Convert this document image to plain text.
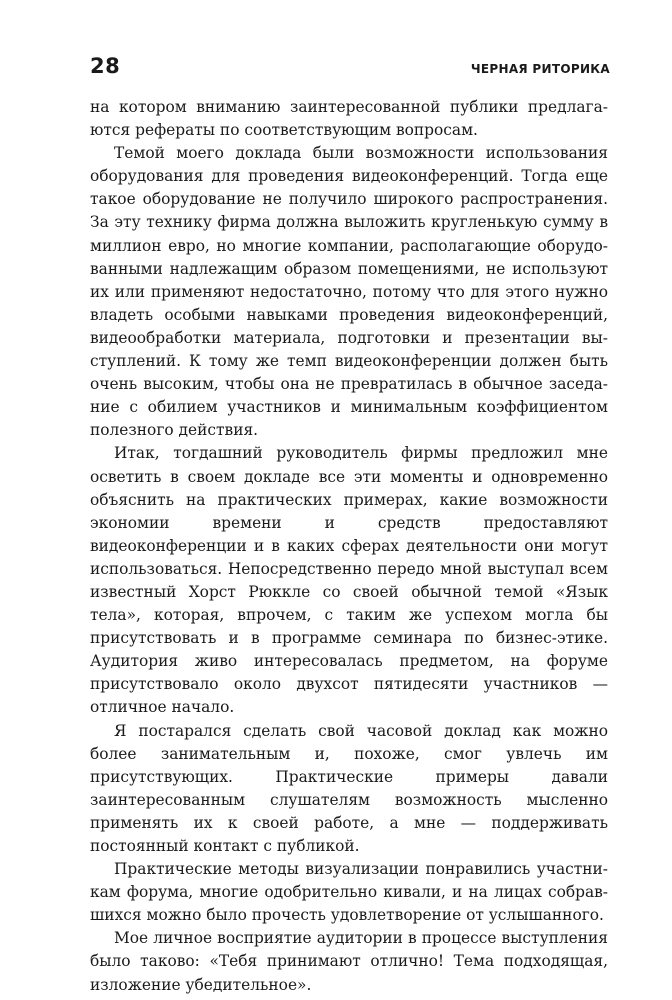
28	ЧЕРНАЯ РИТОРИКА

на котором вниманию заинтересованной публики предлагаются рефераты по соответствующим вопросам.

Темой моего доклада были возможности использования оборудования для проведения видеоконференций. Тогда еще такое оборудование не получило широкого распространения. За эту технику фирма должна выложить кругленькую сумму в миллион евро, но многие компании, располагающие оборудованными надлежащим образом помещениями, не используют их или применяют недостаточно, потому что для этого нужно владеть особыми навыками проведения видеоконференций, видеообработки материала, подготовки и презентации выступлений. К тому же темп видеоконференции должен быть очень высоким, чтобы она не превратилась в обычное заседание с обилием участников и минимальным коэффициентом полезного действия.

Итак, тогдашний руководитель фирмы предложил мне осветить в своем докладе все эти моменты и одновременно объяснить на практических примерах, какие возможности экономии времени и средств предоставляют видеоконференции и в каких сферах деятельности они могут использоваться. Непосредственно передо мной выступал всем известный Хорст Рюккле со своей обычной темой «Язык тела», которая, впрочем, с таким же успехом могла бы присутствовать и в программе семинара по бизнес-этике. Аудитория живо интересовалась предметом, на форуме присутствовало около двухсот пятидесяти участников — отличное начало.

Я постарался сделать свой часовой доклад как можно более занимательным и, похоже, смог увлечь им присутствующих. Практические примеры давали заинтересованным слушателям возможность мысленно применять их к своей работе, а мне — поддерживать постоянный контакт с публикой.

Практические методы визуализации понравились участникам форума, многие одобрительно кивали, и на лицах собравшихся можно было прочесть удовлетворение от услышанного.

Мое личное восприятие аудитории в процессе выступления было таково: «Тебя принимают отлично! Тема подходящая, изложение убедительное».
